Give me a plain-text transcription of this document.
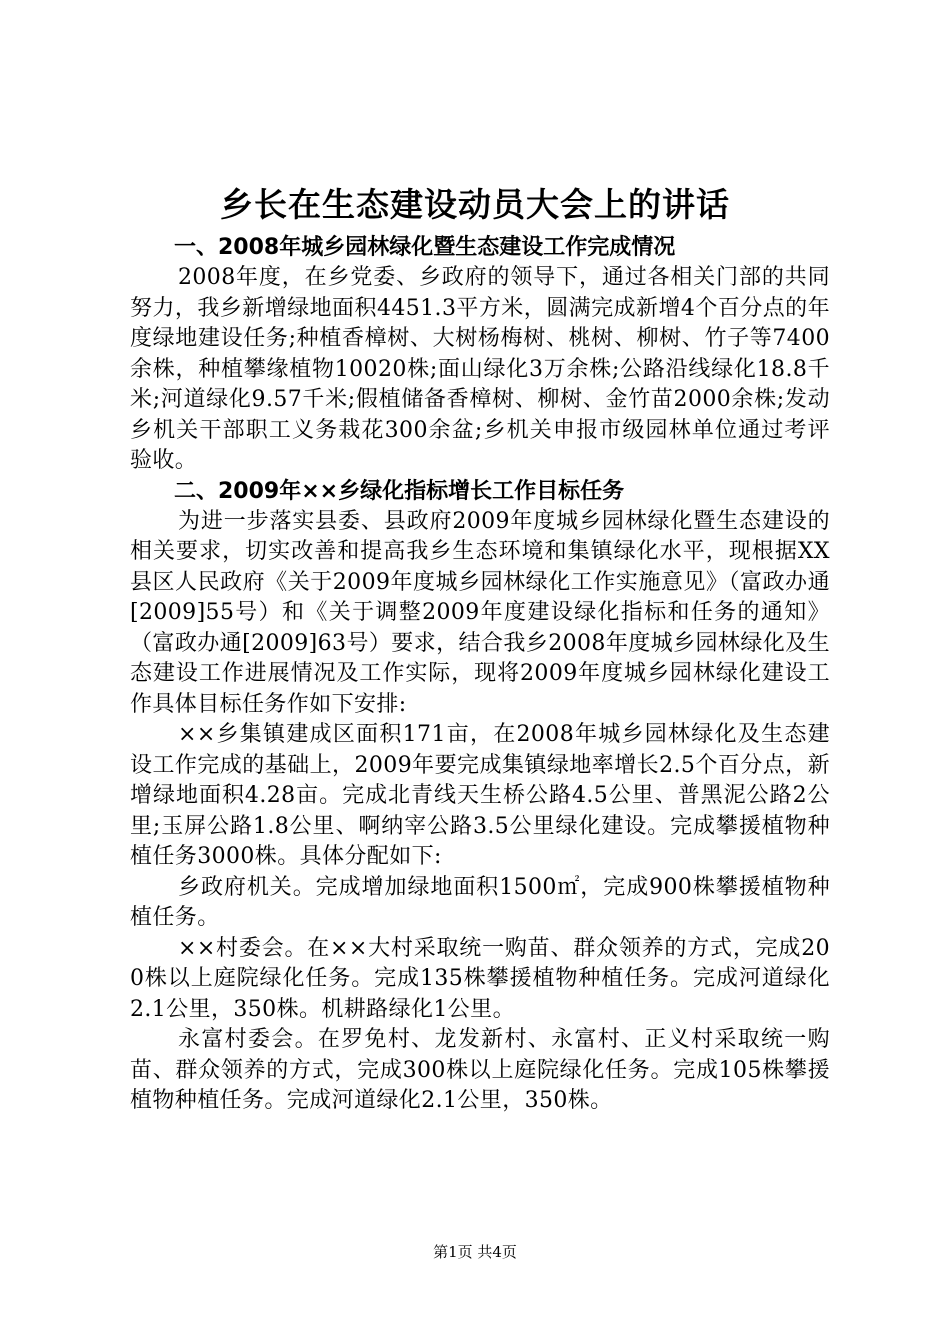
乡长在生态建设动员大会上的讲话

一、2008年城乡园林绿化暨生态建设工作完成情况

2008年度，在乡党委、乡政府的领导下，通过各相关门部的共同努力，我乡新增绿地面积4451.3平方米，圆满完成新增4个百分点的年度绿地建设任务;种植香樟树、大树杨梅树、桃树、柳树、竹子等7400余株，种植攀缘植物10020株;面山绿化3万余株;公路沿线绿化18.8千米;河道绿化9.57千米;假植储备香樟树、柳树、金竹苗2000余株;发动乡机关干部职工义务栽花300余盆;乡机关申报市级园林单位通过考评验收。

二、2009年××乡绿化指标增长工作目标任务

为进一步落实县委、县政府2009年度城乡园林绿化暨生态建设的相关要求，切实改善和提高我乡生态环境和集镇绿化水平，现根据XX县区人民政府《关于2009年度城乡园林绿化工作实施意见》（富政办通[2009]55号）和《关于调整2009年度建设绿化指标和任务的通知》（富政办通[2009]63号）要求，结合我乡2008年度城乡园林绿化及生态建设工作进展情况及工作实际，现将2009年度城乡园林绿化建设工作具体目标任务作如下安排:

××乡集镇建成区面积171亩，在2008年城乡园林绿化及生态建设工作完成的基础上，2009年要完成集镇绿地率增长2.5个百分点，新增绿地面积4.28亩。完成北青线天生桥公路4.5公里、普黑泥公路2公里;玉屏公路1.8公里、啊纳宰公路3.5公里绿化建设。完成攀援植物种植任务3000株。具体分配如下:

乡政府机关。完成增加绿地面积1500㎡，完成900株攀援植物种植任务。

××村委会。在××大村采取统一购苗、群众领养的方式，完成200株以上庭院绿化任务。完成135株攀援植物种植任务。完成河道绿化2.1公里，350株。机耕路绿化1公里。

永富村委会。在罗免村、龙发新村、永富村、正义村采取统一购苗、群众领养的方式，完成300株以上庭院绿化任务。完成105株攀援植物种植任务。完成河道绿化2.1公里，350株。

第1页 共4页
